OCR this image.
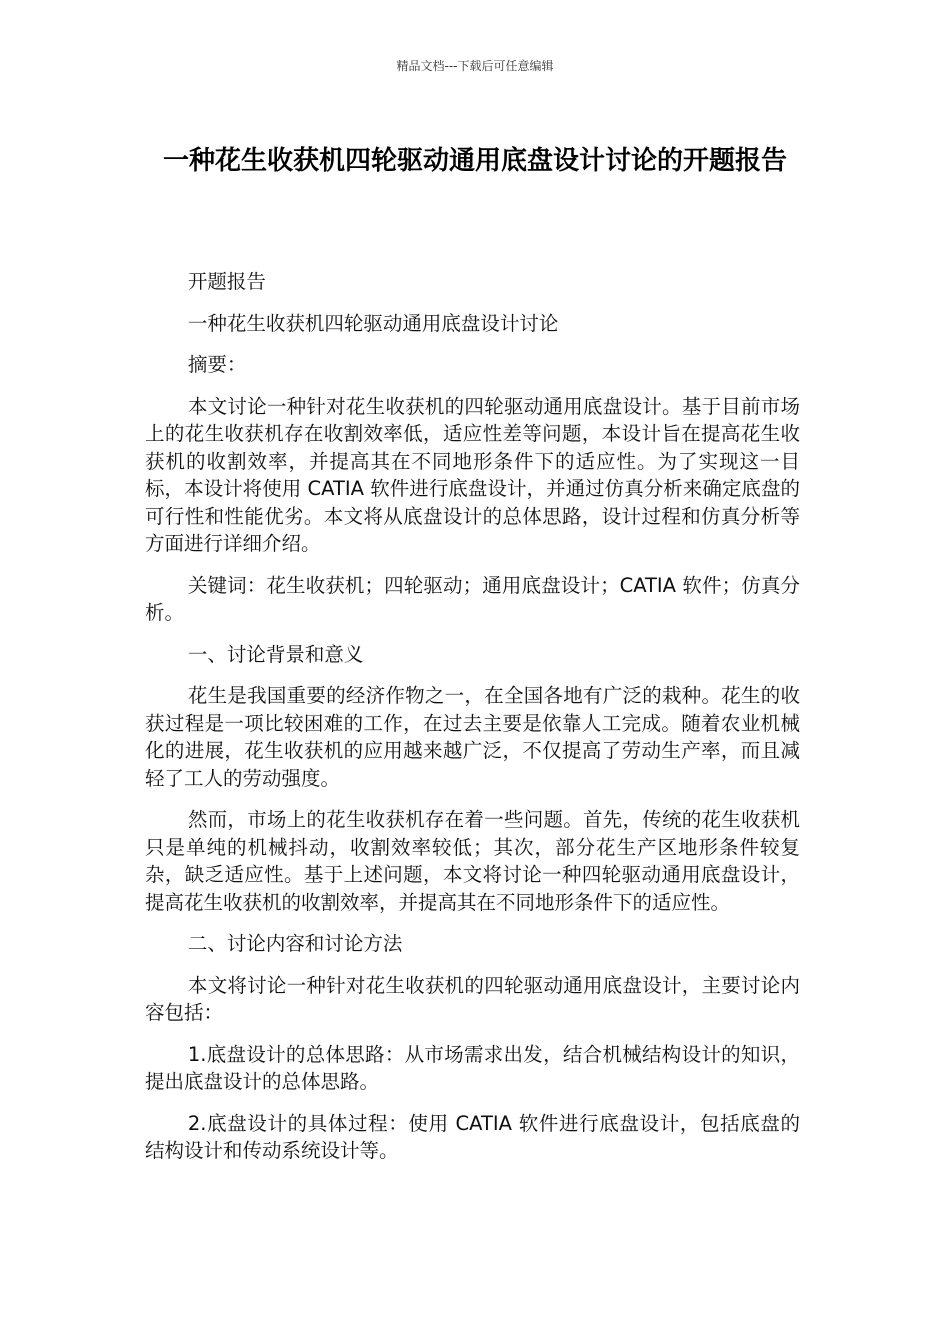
精品文档---下载后可任意编辑
一种花生收获机四轮驱动通用底盘设计讨论的开题报告

开题报告

一种花生收获机四轮驱动通用底盘设计讨论

摘要：

本文讨论一种针对花生收获机的四轮驱动通用底盘设计。基于目前市场上的花生收获机存在收割效率低，适应性差等问题，本设计旨在提高花生收获机的收割效率，并提高其在不同地形条件下的适应性。为了实现这一目标，本设计将使用 CATIA 软件进行底盘设计，并通过仿真分析来确定底盘的可行性和性能优劣。本文将从底盘设计的总体思路，设计过程和仿真分析等方面进行详细介绍。

关键词：花生收获机；四轮驱动；通用底盘设计；CATIA 软件；仿真分析。

一、讨论背景和意义

花生是我国重要的经济作物之一，在全国各地有广泛的栽种。花生的收获过程是一项比较困难的工作，在过去主要是依靠人工完成。随着农业机械化的进展，花生收获机的应用越来越广泛，不仅提高了劳动生产率，而且减轻了工人的劳动强度。

然而，市场上的花生收获机存在着一些问题。首先，传统的花生收获机只是单纯的机械抖动，收割效率较低；其次，部分花生产区地形条件较复杂，缺乏适应性。基于上述问题，本文将讨论一种四轮驱动通用底盘设计，提高花生收获机的收割效率，并提高其在不同地形条件下的适应性。

二、讨论内容和讨论方法

本文将讨论一种针对花生收获机的四轮驱动通用底盘设计，主要讨论内容包括：

1.底盘设计的总体思路：从市场需求出发，结合机械结构设计的知识，提出底盘设计的总体思路。

2.底盘设计的具体过程：使用 CATIA 软件进行底盘设计，包括底盘的结构设计和传动系统设计等。
